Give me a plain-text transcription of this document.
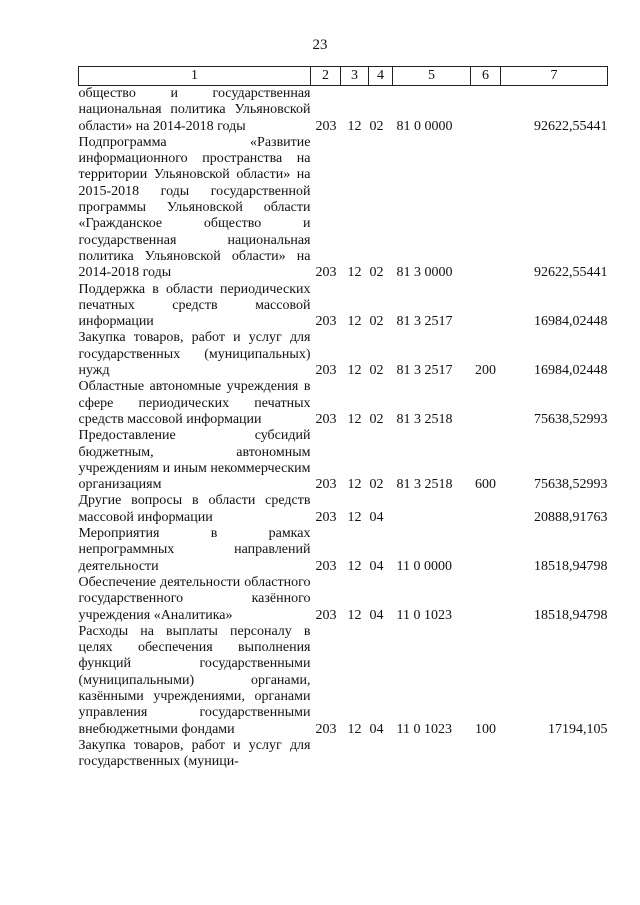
23
1	2	3	4	5	6	7
общество и государственная национальная политика Ульяновской области» на 2014-2018 годы	203	12	02	81 0 0000		92622,55441
Подпрограмма «Развитие информационного пространства на территории Ульяновской области» на 2015-2018 годы государственной программы Ульяновской области «Гражданское общество и государственная национальная политика Ульяновской области» на 2014-2018 годы	203	12	02	81 3 0000		92622,55441
Поддержка в области периодических печатных средств массовой информации	203	12	02	81 3 2517		16984,02448
Закупка товаров, работ и услуг для государственных (муниципальных) нужд	203	12	02	81 3 2517	200	16984,02448
Областные автономные учреждения в сфере периодических печатных средств массовой информации	203	12	02	81 3 2518		75638,52993
Предоставление субсидий бюджетным, автономным учреждениям и иным некоммерческим организациям	203	12	02	81 3 2518	600	75638,52993
Другие вопросы в области средств массовой информации	203	12	04			20888,91763
Мероприятия в рамках непрограммных направлений деятельности	203	12	04	11 0 0000		18518,94798
Обеспечение деятельности областного государственного казённого учреждения «Аналитика»	203	12	04	11 0 1023		18518,94798
Расходы на выплаты персоналу в целях обеспечения выполнения функций государственными (муниципальными) органами, казёнными учреждениями, органами управления государственными внебюджетными фондами	203	12	04	11 0 1023	100	17194,105
Закупка товаров, работ и услуг для государственных (муници-						
